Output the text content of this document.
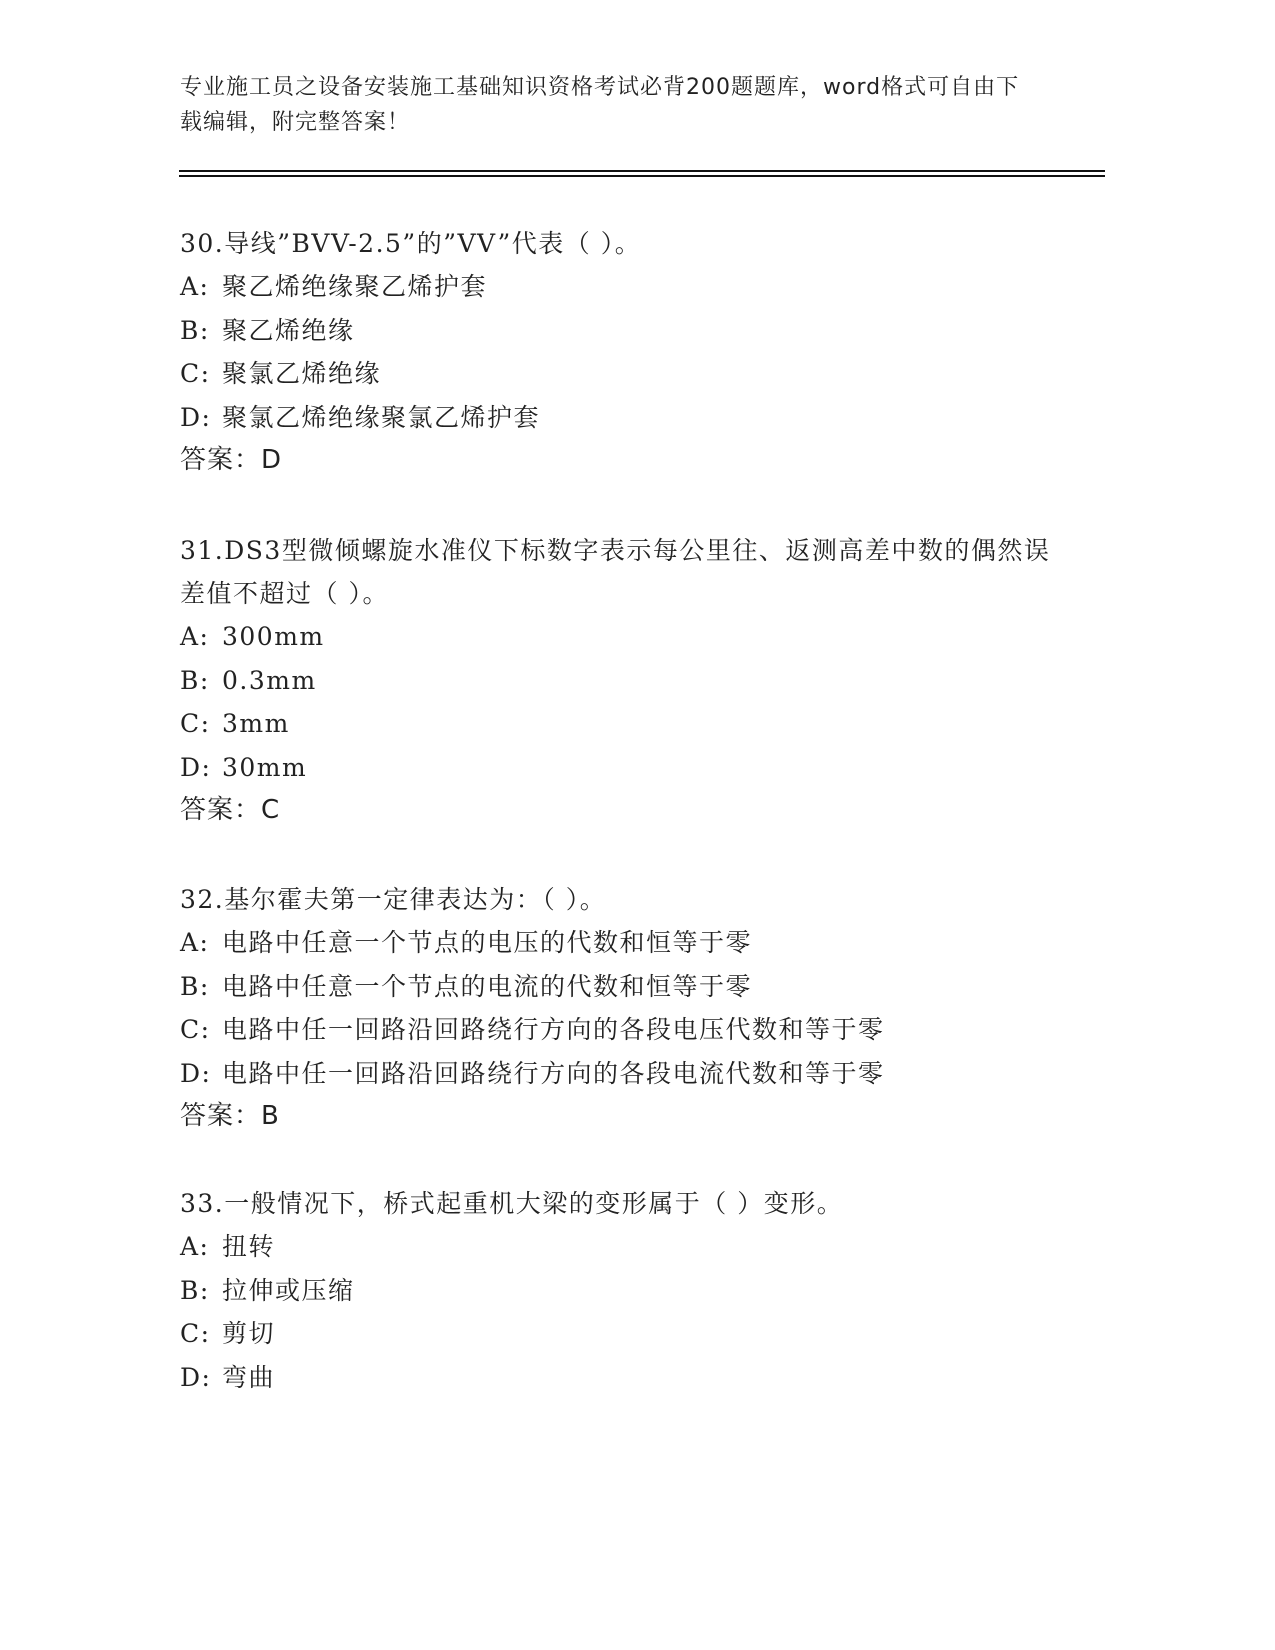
专业施工员之设备安装施工基础知识资格考试必背200题题库，word格式可自由下载编辑，附完整答案！
30.导线”BVV-2.5”的”VV”代表（ ）。
A: 聚乙烯绝缘聚乙烯护套
B: 聚乙烯绝缘
C: 聚氯乙烯绝缘
D: 聚氯乙烯绝缘聚氯乙烯护套
答案：D
31.DS3型微倾螺旋水准仪下标数字表示每公里往、返测高差中数的偶然误差值不超过（ ）。
A: 300mm
B: 0.3mm
C: 3mm
D: 30mm
答案：C
32.基尔霍夫第一定律表达为：（ ）。
A: 电路中任意一个节点的电压的代数和恒等于零
B: 电路中任意一个节点的电流的代数和恒等于零
C: 电路中任一回路沿回路绕行方向的各段电压代数和等于零
D: 电路中任一回路沿回路绕行方向的各段电流代数和等于零
答案：B
33.一般情况下，桥式起重机大梁的变形属于（ ）变形。
A: 扭转
B: 拉伸或压缩
C: 剪切
D: 弯曲
